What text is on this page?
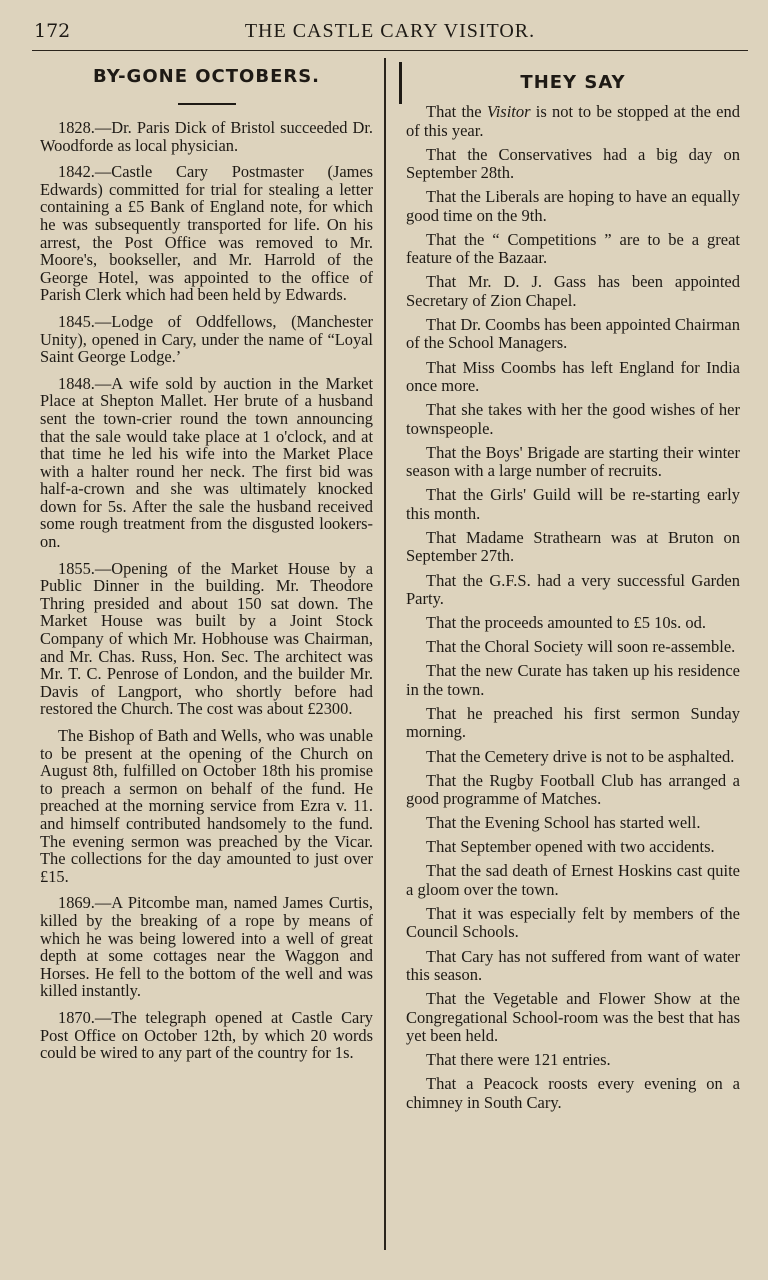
172	THE CASTLE CARY VISITOR.
BY-GONE OCTOBERS.

1828.—Dr. Paris Dick of Bristol succeeded Dr. Woodforde as local physician.

1842.—Castle Cary Postmaster (James Edwards) committed for trial for stealing a letter containing a £5 Bank of England note, for which he was subsequently transported for life. On his arrest, the Post Office was removed to Mr. Moore's, bookseller, and Mr. Harrold of the George Hotel, was appointed to the office of Parish Clerk which had been held by Edwards.

1845.—Lodge of Oddfellows, (Manchester Unity), opened in Cary, under the name of “Loyal Saint George Lodge.’

1848.—A wife sold by auction in the Market Place at Shepton Mallet. Her brute of a husband sent the town-crier round the town announcing that the sale would take place at 1 o'clock, and at that time he led his wife into the Market Place with a halter round her neck. The first bid was half-a-crown and she was ultimately knocked down for 5s. After the sale the husband received some rough treatment from the disgusted lookers-on.

1855.—Opening of the Market House by a Public Dinner in the building. Mr. Theodore Thring presided and about 150 sat down. The Market House was built by a Joint Stock Company of which Mr. Hobhouse was Chairman, and Mr. Chas. Russ, Hon. Sec. The architect was Mr. T. C. Penrose of London, and the builder Mr. Davis of Langport, who shortly before had restored the Church. The cost was about £2300.

The Bishop of Bath and Wells, who was unable to be present at the opening of the Church on August 8th, fulfilled on October 18th his promise to preach a sermon on behalf of the fund. He preached at the morning service from Ezra v. 11. and himself contributed handsomely to the fund. The evening sermon was preached by the Vicar. The collections for the day amounted to just over £15.

1869.—A Pitcombe man, named James Curtis, killed by the breaking of a rope by means of which he was being lowered into a well of great depth at some cottages near the Waggon and Horses. He fell to the bottom of the well and was killed instantly.

1870.—The telegraph opened at Castle Cary Post Office on October 12th, by which 20 words could be wired to any part of the country for 1s.

THEY SAY

That the Visitor is not to be stopped at the end of this year.

That the Conservatives had a big day on September 28th.

That the Liberals are hoping to have an equally good time on the 9th.

That the “ Competitions ” are to be a great feature of the Bazaar.

That Mr. D. J. Gass has been appointed Secretary of Zion Chapel.

That Dr. Coombs has been appointed Chairman of the School Managers.

That Miss Coombs has left England for India once more.

That she takes with her the good wishes of her townspeople.

That the Boys' Brigade are starting their winter season with a large number of recruits.

That the Girls' Guild will be re-starting early this month.

That Madame Strathearn was at Bruton on September 27th.

That the G.F.S. had a very successful Garden Party.

That the proceeds amounted to £5 10s. od.

That the Choral Society will soon re-assemble.

That the new Curate has taken up his residence in the town.

That he preached his first sermon Sunday morning.

That the Cemetery drive is not to be asphalted.

That the Rugby Football Club has arranged a good programme of Matches.

That the Evening School has started well.

That September opened with two accidents.

That the sad death of Ernest Hoskins cast quite a gloom over the town.

That it was especially felt by members of the Council Schools.

That Cary has not suffered from want of water this season.

That the Vegetable and Flower Show at the Congregational School-room was the best that has yet been held.

That there were 121 entries.

That a Peacock roosts every evening on a chimney in South Cary.
